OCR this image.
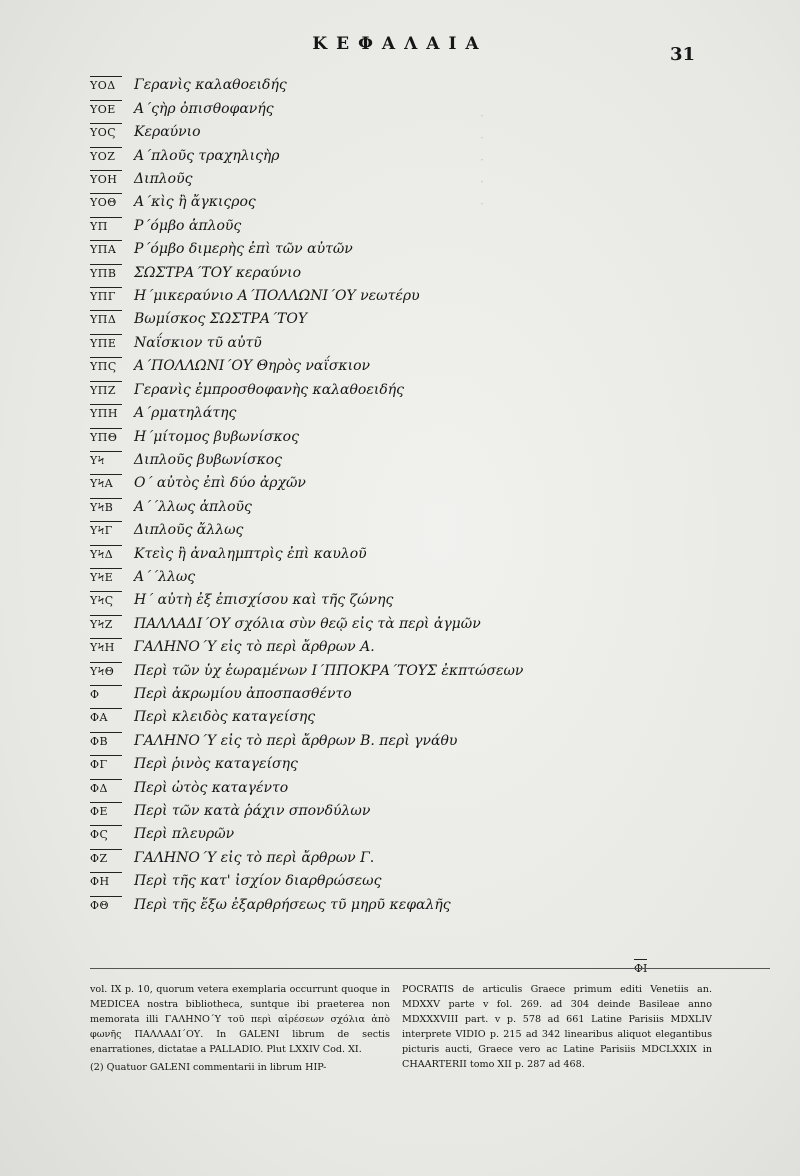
ΚΕΦΑΛΑΙΑ	31
·
·
·
·
·
ΥΟΔ	Γερανὶς καλαθοειδής
ΥΟΕ	Α΄ςὴρ ὀπισθοφανής
ΥΟϚ	Κεραύνιο
ΥΟΖ	Α΄πλοῦς τραχηλιςὴρ
ΥΟΗ	Διπλοῦς
ΥΟΘ	Α΄κὶς ἢ ἄγκιςρος
ΥΠ	Ρ΄όμβο ἁπλοῦς
ΥΠΑ	Ρ΄όμβο διμερὴς ἐπὶ τῶν αὐτῶν
ΥΠΒ	ΣΩΣΤΡΑ΄ΤΟΥ κεραύνιο
ΥΠΓ	Η΄μικεραύνιο Α΄ΠΟΛΛΩΝΙ΄ΟΥ νεωτέρυ
ΥΠΔ	Βωμίσκος ΣΩΣΤΡΑ΄ΤΟΥ
ΥΠΕ	Ναΐσκιον τῦ αὐτῦ
ΥΠϚ	Α΄ΠΟΛΛΩΝΙ΄ΟΥ Θηρὸς ναΐσκιον
ΥΠΖ	Γερανὶς ἐμπροσθοφανὴς καλαθοειδής
ΥΠΗ	Α΄ρματηλάτης
ΥΠΘ	Η΄μίτομος βυβωνίσκος
ΥϞ	Διπλοῦς βυβωνίσκος
ΥϞΑ	Ο΄ αὐτὸς ἐπὶ δύο ἀρχῶν
ΥϞΒ	Α΄΄λλως ἁπλοῦς
ΥϞΓ	Διπλοῦς ἄλλως
ΥϞΔ	Κτεὶς ἢ ἀναλημπτρὶς ἐπὶ καυλοῦ
ΥϞΕ	Α΄΄λλως
ΥϞϚ	Η΄ αὐτὴ ἐξ ἐπισχίσου καὶ τῆς ζώνης
ΥϞΖ	ΠΑΛΛΑΔΙ΄ΟΥ σχόλια σὺν θεῷ εἰς τὰ περὶ ἀγμῶν
ΥϞΗ	ΓΑΛΗΝΟ΄Υ εἰς τὸ περὶ ἄρθρων Α.
ΥϞΘ	Περὶ τῶν ὑχ ἑωραμένων Ι΄ΠΠΟΚΡΑ΄ΤΟΥΣ ἐκπτώσεων
Φ	Περὶ ἀκρωμίου ἀποσπασθέντο
ΦΑ	Περὶ κλειδὸς καταγείσης
ΦΒ	ΓΑΛΗΝΟ΄Υ εἰς τὸ περὶ ἄρθρων Β. περὶ γνάθυ
ΦΓ	Περὶ ῥινὸς καταγείσης
ΦΔ	Περὶ ὠτὸς καταγέντο
ΦΕ	Περὶ τῶν κατὰ ῥάχιν σπονδύλων
ΦϚ	Περὶ πλευρῶν
ΦΖ	ΓΑΛΗΝΟ΄Υ εἰς τὸ περὶ ἄρθρων Γ.
ΦΗ	Περὶ τῆς κατ' ἰσχίον διαρθρώσεως
ΦΘ	Περὶ τῆς ἔξω ἐξαρθρήσεως τῦ μηρῦ κεφαλῆς
ΦΙ

vol. IX p. 10, quorum vetera exemplaria occurrunt quoque in MEDICEA nostra bibliotheca, suntque ibi praeterea non memorata illi ΓΑΛΗΝΟ΄Υ τοῦ περὶ αἱρέσεων σχόλια ἀπὸ φωνῆς ΠΑΛΛΑΔΙ΄ΟΥ. In GALENI librum de sectis enarrationes, dictatae a PALLADIO. Plut LXXIV Cod. XI.

(2) Quatuor GALENI commentarii in librum HIP-

POCRATIS de articulis Graece primum editi Venetiis an. MDXXV parte v fol. 269. ad 304 deinde Basileae anno MDXXXVIII part. v p. 578 ad 661 Latine Parisiis MDXLIV interprete VIDIO p. 215 ad 342 linearibus aliquot elegantibus picturis aucti, Graece vero ac Latine Parisiis MDCLXXIX in CHAARTERII tomo XII p. 287 ad 468.
